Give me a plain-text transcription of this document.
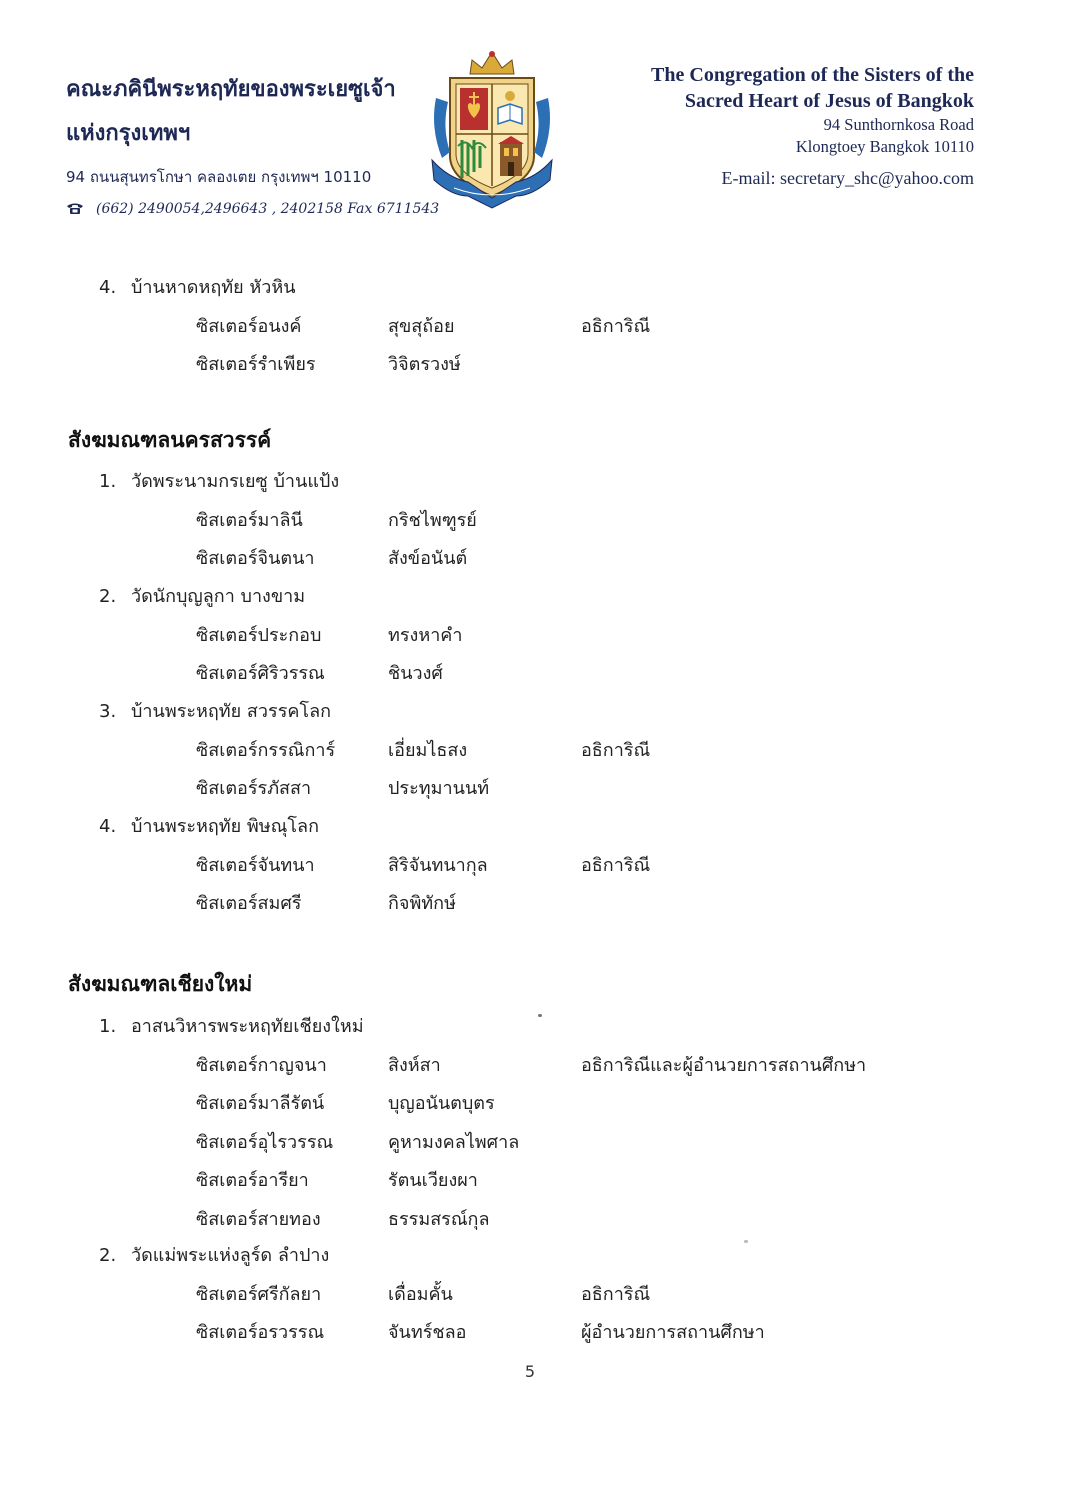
คณะภคินีพระหฤทัยของพระเยซูเจ้า
แห่งกรุงเทพฯ
94 ถนนสุนทรโกษา คลองเตย กรุงเทพฯ 10110
(662) 2490054,2496643 , 2402158 Fax 6711543
The Congregation of the Sisters of the
Sacred Heart of Jesus of Bangkok
94 Sunthornkosa Road
Klongtoey Bangkok 10110
E-mail: secretary_shc@yahoo.com
4. บ้านหาดหฤทัย หัวหิน
ซิสเตอร์อนงค์	สุขสุถ้อย	อธิการิณี
ซิสเตอร์รำเพียร	วิจิตรวงษ์
สังฆมณฑลนครสวรรค์
1. วัดพระนามกรเยซู บ้านแป้ง
ซิสเตอร์มาลินี	กริชไพฑูรย์
ซิสเตอร์จินตนา	สังข์อนันต์
2. วัดนักบุญลูกา บางขาม
ซิสเตอร์ประกอบ	ทรงหาคำ
ซิสเตอร์ศิริวรรณ	ชินวงศ์
3. บ้านพระหฤทัย สวรรคโลก
ซิสเตอร์กรรณิการ์	เอี่ยมไธสง	อธิการิณี
ซิสเตอร์รภัสสา	ประทุมานนท์
4. บ้านพระหฤทัย พิษณุโลก
ซิสเตอร์จันทนา	สิริจันทนากุล	อธิการิณี
ซิสเตอร์สมศรี	กิจพิทักษ์
สังฆมณฑลเชียงใหม่
1. อาสนวิหารพระหฤทัยเชียงใหม่
ซิสเตอร์กาญจนา	สิงห์สา	อธิการิณีและผู้อำนวยการสถานศึกษา
ซิสเตอร์มาลีรัตน์	บุญอนันตบุตร
ซิสเตอร์อุไรวรรณ	คูหามงคลไพศาล
ซิสเตอร์อารียา	รัตนเวียงผา
ซิสเตอร์สายทอง	ธรรมสรณ์กุล
2. วัดแม่พระแห่งลูร์ด ลำปาง
ซิสเตอร์ศรีกัลยา	เดื่อมคั้น	อธิการิณี
ซิสเตอร์อรวรรณ	จันทร์ชลอ	ผู้อำนวยการสถานศึกษา
5
